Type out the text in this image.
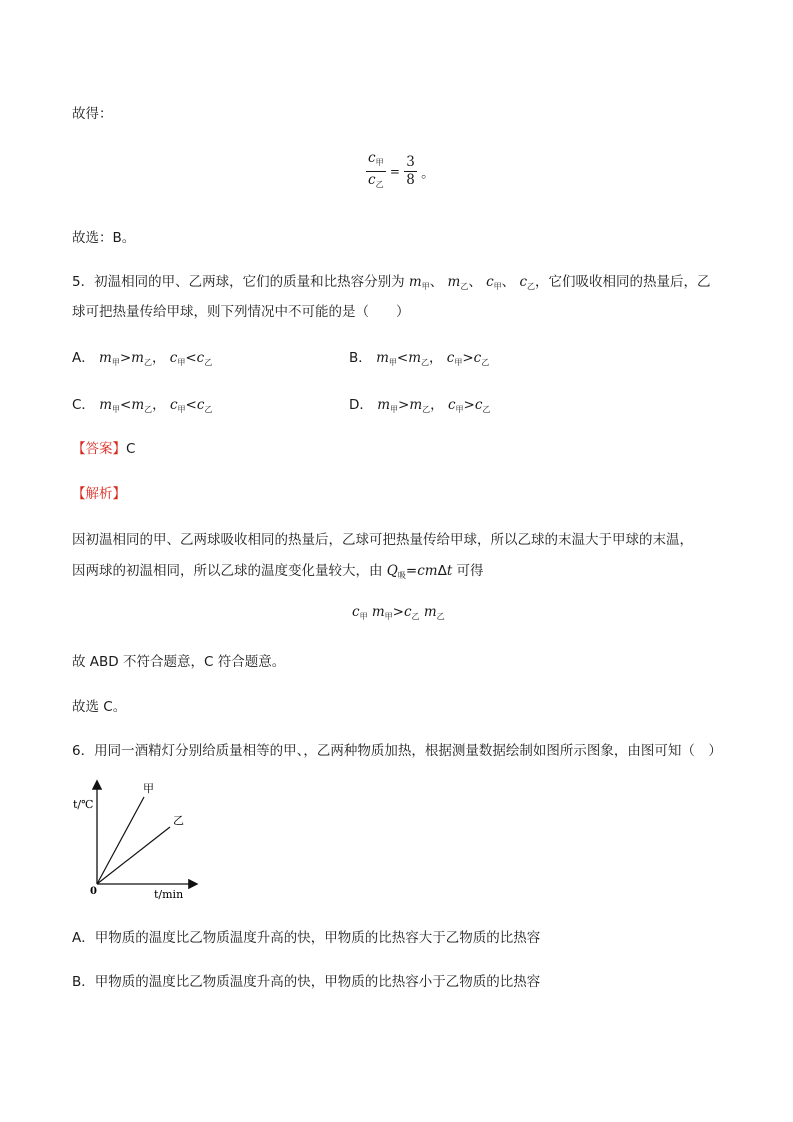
故得：
$\frac{c_甲}{c_乙} = \frac{3}{8}$ 。
故选：B。
5．初温相同的甲、乙两球，它们的质量和比热容分别为 $m_甲$、 $m_乙$、 $c_甲$、 $c_乙$，它们吸收相同的热量后，乙
球可把热量传给甲球，则下列情况中不可能的是（　　）
A． $m_甲>m_乙$， $c_甲<c_乙$	B． $m_甲<m_乙$， $c_甲>c_乙$
C． $m_甲<m_乙$， $c_甲<c_乙$	D． $m_甲>m_乙$， $c_甲>c_乙$
【答案】C
【解析】
因初温相同的甲、乙两球吸收相同的热量后，乙球可把热量传给甲球，所以乙球的末温大于甲球的末温，
因两球的初温相同，所以乙球的温度变化量较大，由 $Q_吸=cm\Delta t$ 可得
$c_甲$ $m_甲>c_乙$ $m_乙$
故 ABD 不符合题意，C 符合题意。
故选 C。
6．用同一酒精灯分别给质量相等的甲、，乙两种物质加热，根据测量数据绘制如图所示图象，由图可知（　）
t/℃
t/min
0
甲
乙
A．甲物质的温度比乙物质温度升高的快，甲物质的比热容大于乙物质的比热容
B．甲物质的温度比乙物质温度升高的快，甲物质的比热容小于乙物质的比热容
